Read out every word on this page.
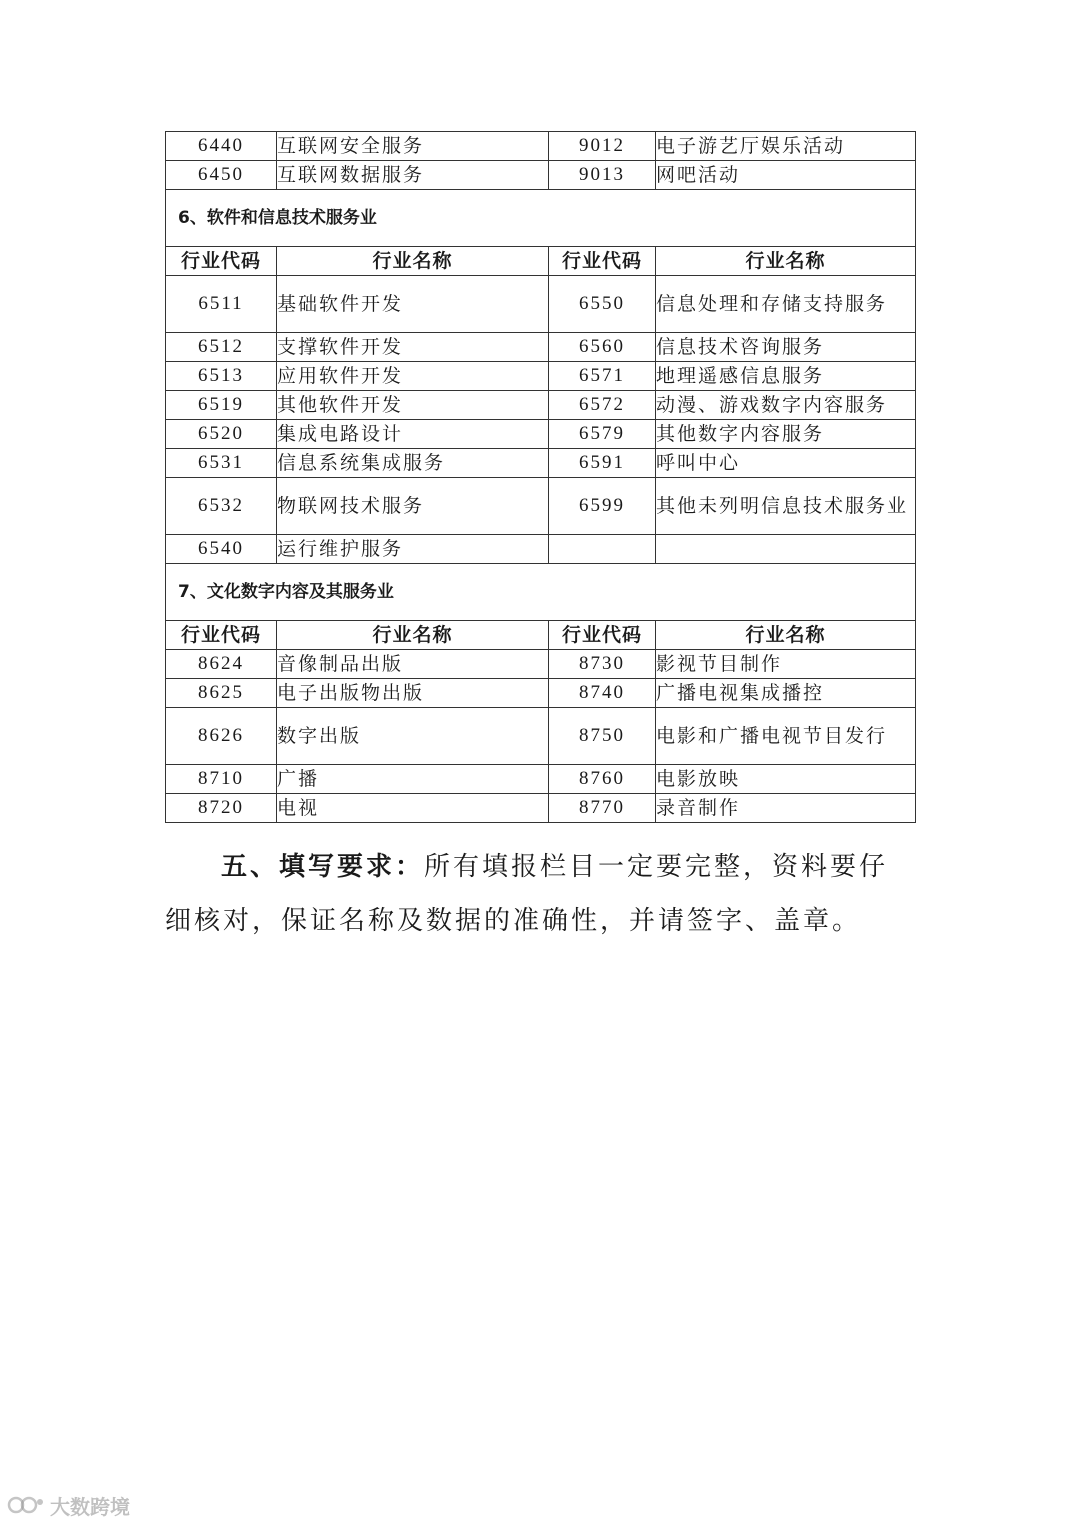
6440	互联网安全服务	9012	电子游艺厅娱乐活动
6450	互联网数据服务	9013	网吧活动
6、软件和信息技术服务业			
行业代码	行业名称	行业代码	行业名称
6511	基础软件开发	6550	信息处理和存储支持服务
6512	支撑软件开发	6560	信息技术咨询服务
6513	应用软件开发	6571	地理遥感信息服务
6519	其他软件开发	6572	动漫、游戏数字内容服务
6520	集成电路设计	6579	其他数字内容服务
6531	信息系统集成服务	6591	呼叫中心
6532	物联网技术服务	6599	其他未列明信息技术服务业
6540	运行维护服务		
7、文化数字内容及其服务业			
行业代码	行业名称	行业代码	行业名称
8624	音像制品出版	8730	影视节目制作
8625	电子出版物出版	8740	广播电视集成播控
8626	数字出版	8750	电影和广播电视节目发行
8710	广播	8760	电影放映
8720	电视	8770	录音制作
五、填写要求：所有填报栏目一定要完整，资料要仔细核对，保证名称及数据的准确性，并请签字、盖章。
大数跨境
